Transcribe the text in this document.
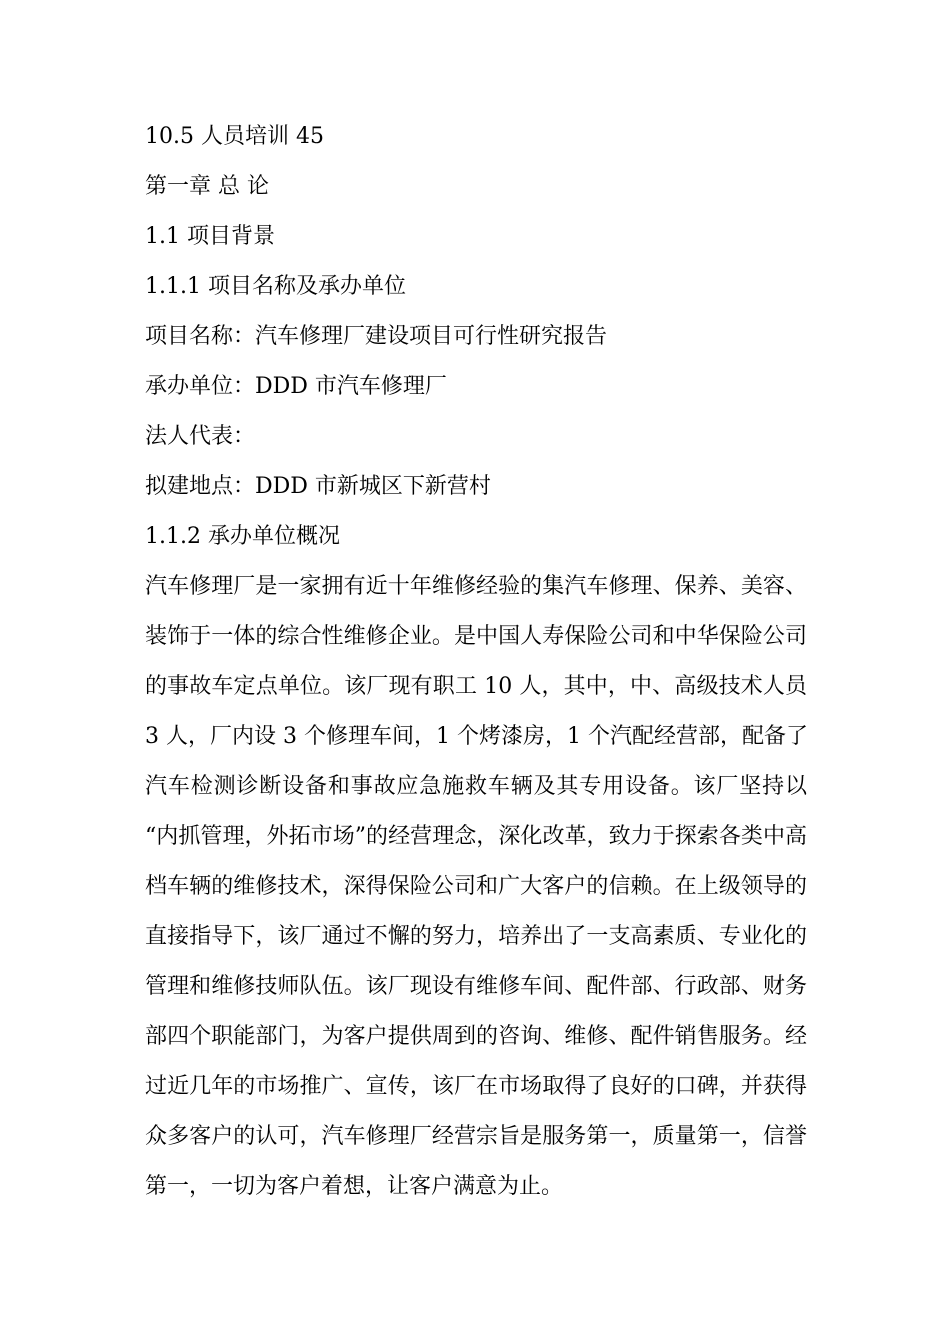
10.5 人员培训 45
第一章 总 论
1.1 项目背景
1.1.1 项目名称及承办单位
项目名称：汽车修理厂建设项目可行性研究报告
承办单位：DDD 市汽车修理厂
法人代表：
拟建地点：DDD 市新城区下新营村
1.1.2 承办单位概况
汽车修理厂是一家拥有近十年维修经验的集汽车修理、保养、美容、
装饰于一体的综合性维修企业。是中国人寿保险公司和中华保险公司
的事故车定点单位。该厂现有职工 10 人，其中，中、高级技术人员
3 人，厂内设 3 个修理车间，1 个烤漆房，1 个汽配经营部，配备了
汽车检测诊断设备和事故应急施救车辆及其专用设备。该厂坚持以
“内抓管理，外拓市场”的经营理念，深化改革，致力于探索各类中高
档车辆的维修技术，深得保险公司和广大客户的信赖。在上级领导的
直接指导下，该厂通过不懈的努力，培养出了一支高素质、专业化的
管理和维修技师队伍。该厂现设有维修车间、配件部、行政部、财务
部四个职能部门，为客户提供周到的咨询、维修、配件销售服务。经
过近几年的市场推广、宣传，该厂在市场取得了良好的口碑，并获得
众多客户的认可，汽车修理厂经营宗旨是服务第一，质量第一，信誉
第一，一切为客户着想，让客户满意为止。
